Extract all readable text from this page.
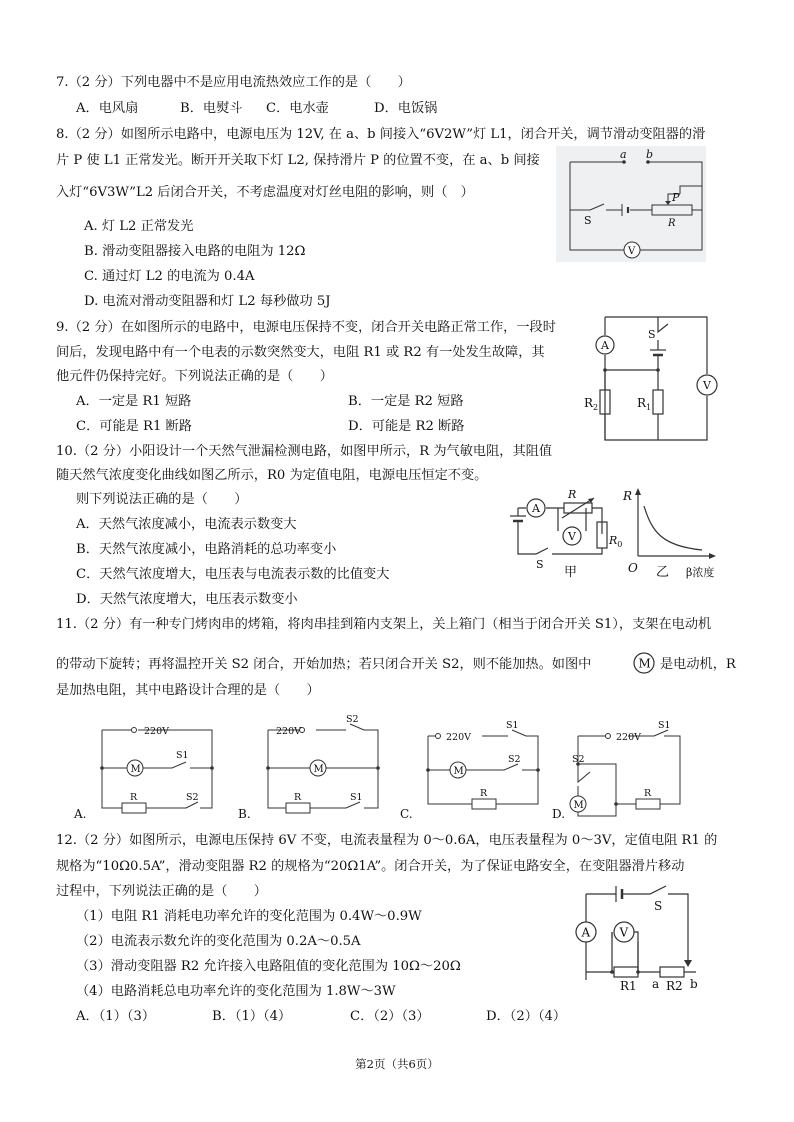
7.（2 分）下列电器中不是应用电流热效应工作的是（　　）
A．电风扇	B．电熨斗	C．电水壶	D．电饭锅
8.（2 分）如图所示电路中，电源电压为 12V, 在 a、b 间接入“6V2W”灯 L1，闭合开关，调节滑动变阻器的滑
片 P 使 L1 正常发光。断开开关取下灯 L2, 保持滑片 P 的位置不变，在 a、b 间接
入灯“6V3W”L2 后闭合开关，不考虑温度对灯丝电阻的影响，则（　）
A. 灯 L2 正常发光
B. 滑动变阻器接入电路的电阻为 12Ω
C. 通过灯 L2 的电流为 0.4A
D. 电流对滑动变阻器和灯 L2 每秒做功 5J
a b
P
S	R
V
9.（2 分）在如图所示的电路中，电源电压保持不变，闭合开关电路正常工作，一段时
间后，发现电路中有一个电表的示数突然变大，电阻 R1 或 R2 有一处发生故障，其
他元件仍保持完好。下列说法正确的是（　　）
A．一定是 R1 短路	B．一定是 R2 短路
C．可能是 R1 断路	D．可能是 R2 断路
A
V
S
$R_2$	$R_1$
10.（2 分）小阳设计一个天然气泄漏检测电路，如图甲所示，R 为气敏电阻，其阻值
随天然气浓度变化曲线如图乙所示，R0 为定值电阻，电源电压恒定不变。
则下列说法正确的是（　　）
A．天然气浓度减小，电流表示数变大
B．天然气浓度减小，电路消耗的总功率变小
C．天然气浓度增大，电压表与电流表示数的比值变大
D．天然气浓度增大，电压表示数变小
A
V
R
$R_0$
S
甲
R
O	β浓度
乙
11.（2 分）有一种专门烤肉串的烤箱，将肉串挂到箱内支架上，关上箱门（相当于闭合开关 S1），支架在电动机
的带动下旋转；再将温控开关 S2 闭合，开始加热；若只闭合开关 S2，则不能加热。如图中	M 是电动机，R
是加热电阻，其中电路设计合理的是（　　）
220V
M
S1
R	S2
A.
220V
M
S2
R	S1
B.
220V
M
S1
S2
R
C.
220V
S1
S2
M
R
D.
12.（2 分）如图所示，电源电压保持 6V 不变，电流表量程为 0～0.6A，电压表量程为 0～3V，定值电阻 R1 的
规格为“10Ω0.5A”，滑动变阻器 R2 的规格为“20Ω1A”。闭合开关，为了保证电路安全，在变阻器滑片移动
过程中，下列说法正确的是（　　）
（1）电阻 R1 消耗电功率允许的变化范围为 0.4W～0.9W
（2）电流表示数允许的变化范围为 0.2A～0.5A
（3）滑动变阻器 R2 允许接入电路阻值的变化范围为 10Ω～20Ω
（4）电路消耗总电功率允许的变化范围为 1.8W～3W
A．（1）（3）	B．（1）（4）	C．（2）（3）	D．（2）（4）
A V
S
R1 a R2 b
第2页（共6页）
